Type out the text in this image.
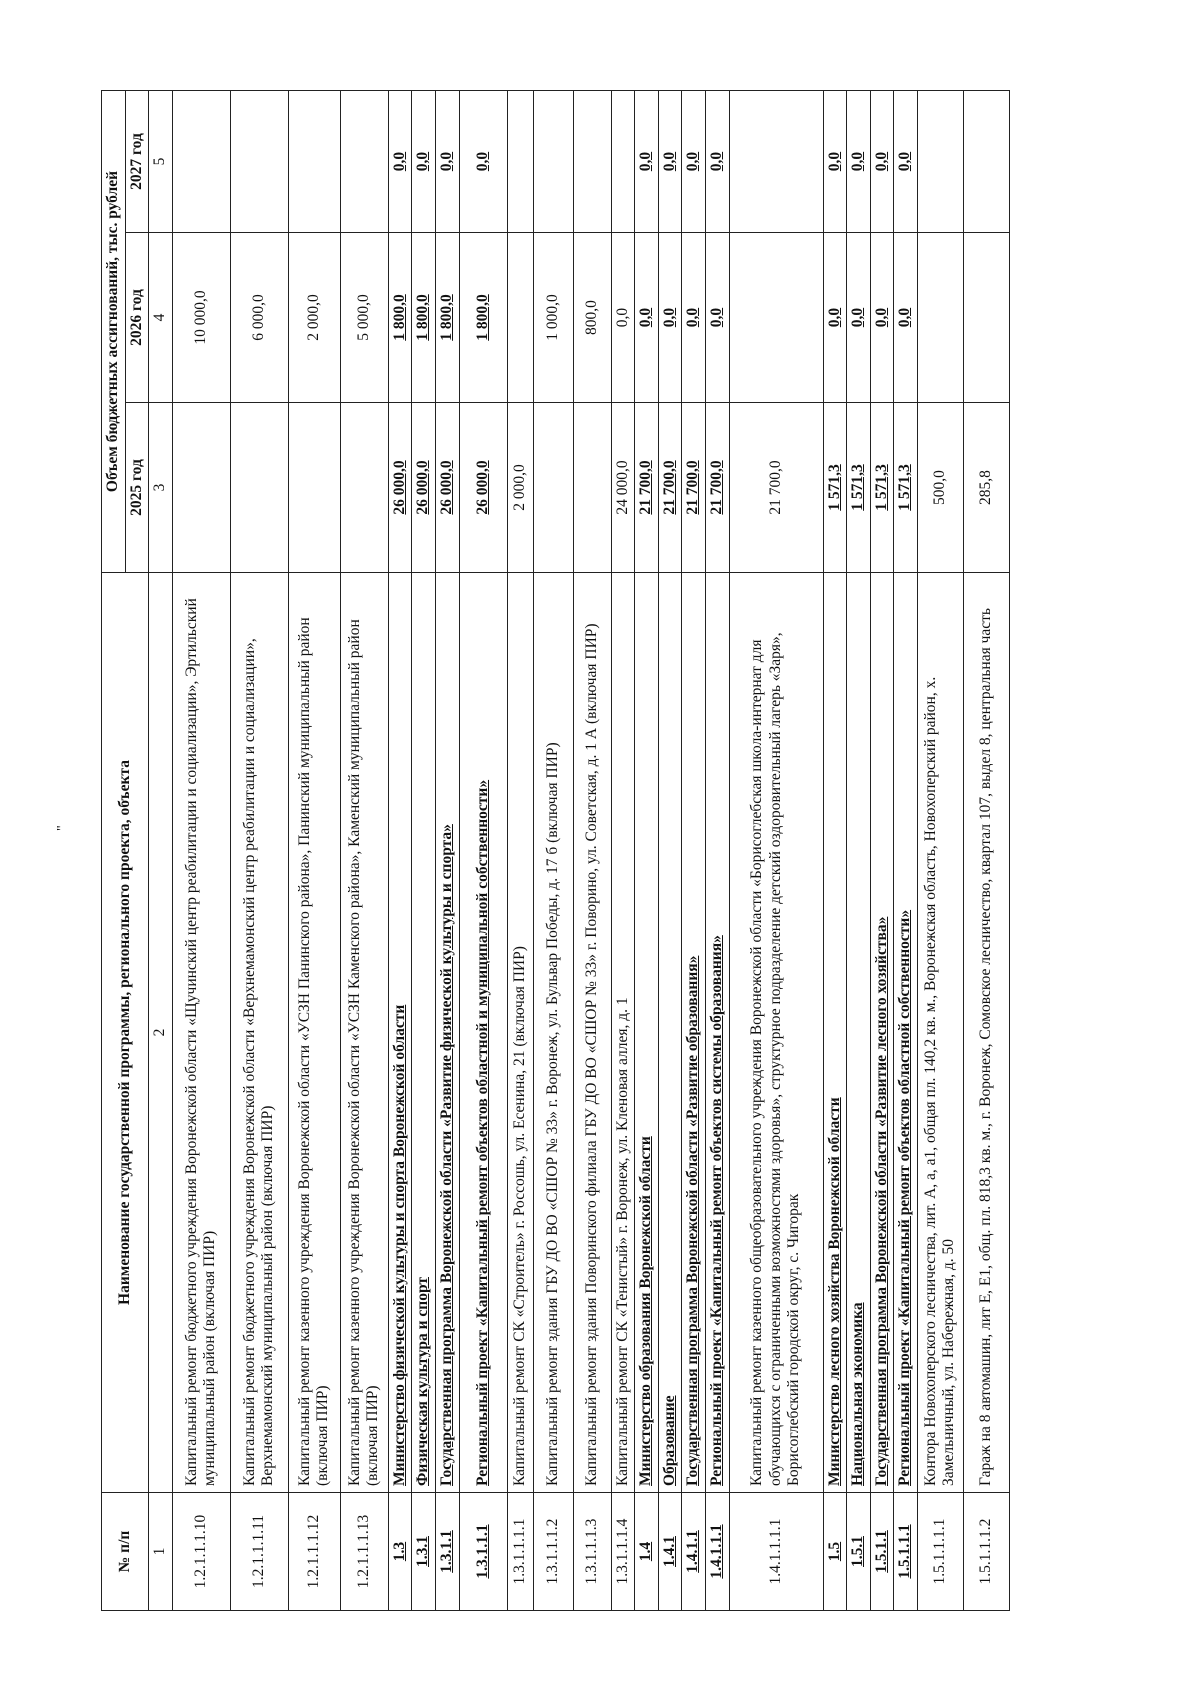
"
№ п/п	Наименование государственной программы, регионального проекта, объекта	Объем бюджетных ассигнований, тыс. рублей		
		2025 год	2026 год	2027 год
1	2	3	4	5
1.2.1.1.1.10	Капитальный ремонт бюджетного учреждения Воронежской области «Щучинский центр реабилитации и социализации», Эртильский муниципальный район (включая ПИР)		10 000,0	
1.2.1.1.1.11	Капитальный ремонт бюджетного учреждения Воронежской области «Верхнемамонский центр реабилитации и социализации», Верхнемамонский муниципальный район (включая ПИР)		6 000,0	
1.2.1.1.1.12	Капитальный ремонт казенного учреждения Воронежской области «УСЗН Панинского района», Панинский муниципальный район (включая ПИР)		2 000,0	
1.2.1.1.1.13	Капитальный ремонт казенного учреждения Воронежской области «УСЗН Каменского района», Каменский муниципальный район (включая ПИР)		5 000,0	
1.3	Министерство физической культуры и спорта Воронежской области	26 000,0	1 800,0	0,0
1.3.1	Физическая культура и спорт	26 000,0	1 800,0	0,0
1.3.1.1	Государственная программа Воронежской области «Развитие физической культуры и спорта»	26 000,0	1 800,0	0,0
1.3.1.1.1	Региональный проект «Капитальный ремонт объектов областной и муниципальной собственности»	26 000,0	1 800,0	0,0
1.3.1.1.1.1	Капитальный ремонт СК «Строитель» г. Россошь, ул. Есенина, 21 (включая ПИР)	2 000,0		
1.3.1.1.1.2	Капитальный ремонт здания ГБУ ДО ВО «СШОР № 33» г. Воронеж, ул. Бульвар Победы, д. 17 б (включая ПИР)		1 000,0	
1.3.1.1.1.3	Капитальный ремонт здания Поворинского филиала ГБУ ДО ВО «СШОР № 33» г. Поворино, ул. Советская, д. 1 А (включая ПИР)		800,0	
1.3.1.1.1.4	Капитальный ремонт СК «Тенистый» г. Воронеж, ул. Кленовая аллея, д. 1	24 000,0	0,0	
1.4	Министерство образования Воронежской области	21 700,0	0,0	0,0
1.4.1	Образование	21 700,0	0,0	0,0
1.4.1.1	Государственная программа Воронежской области «Развитие образования»	21 700,0	0,0	0,0
1.4.1.1.1	Региональный проект «Капитальный ремонт объектов системы образования»	21 700,0	0,0	0,0
1.4.1.1.1.1	Капитальный ремонт казенного общеобразовательного учреждения Воронежской области «Борисоглебская школа-интернат для обучающихся с ограниченными возможностями здоровья», структурное подразделение детский оздоровительный лагерь «Заря», Борисоглебский городской округ, с. Чигорак	21 700,0		
1.5	Министерство лесного хозяйства Воронежской области	1 571,3	0,0	0,0
1.5.1	Национальная экономика	1 571,3	0,0	0,0
1.5.1.1	Государственная программа Воронежской области «Развитие лесного хозяйства»	1 571,3	0,0	0,0
1.5.1.1.1	Региональный проект «Капитальный ремонт объектов областной собственности»	1 571,3	0,0	0,0
1.5.1.1.1.1	Контора Новохоперского лесничества, лит. А, а, а1, общая пл. 140,2 кв. м., Воронежская область, Новохоперский район, х. Замельничный, ул. Набережная, д. 50	500,0		
1.5.1.1.1.2	Гараж на 8 автомашин, лит Е, Е1, общ. пл. 818,3 кв. м., г. Воронеж, Сомовское лесничество, квартал 107, выдел 8, центральная часть	285,8		
